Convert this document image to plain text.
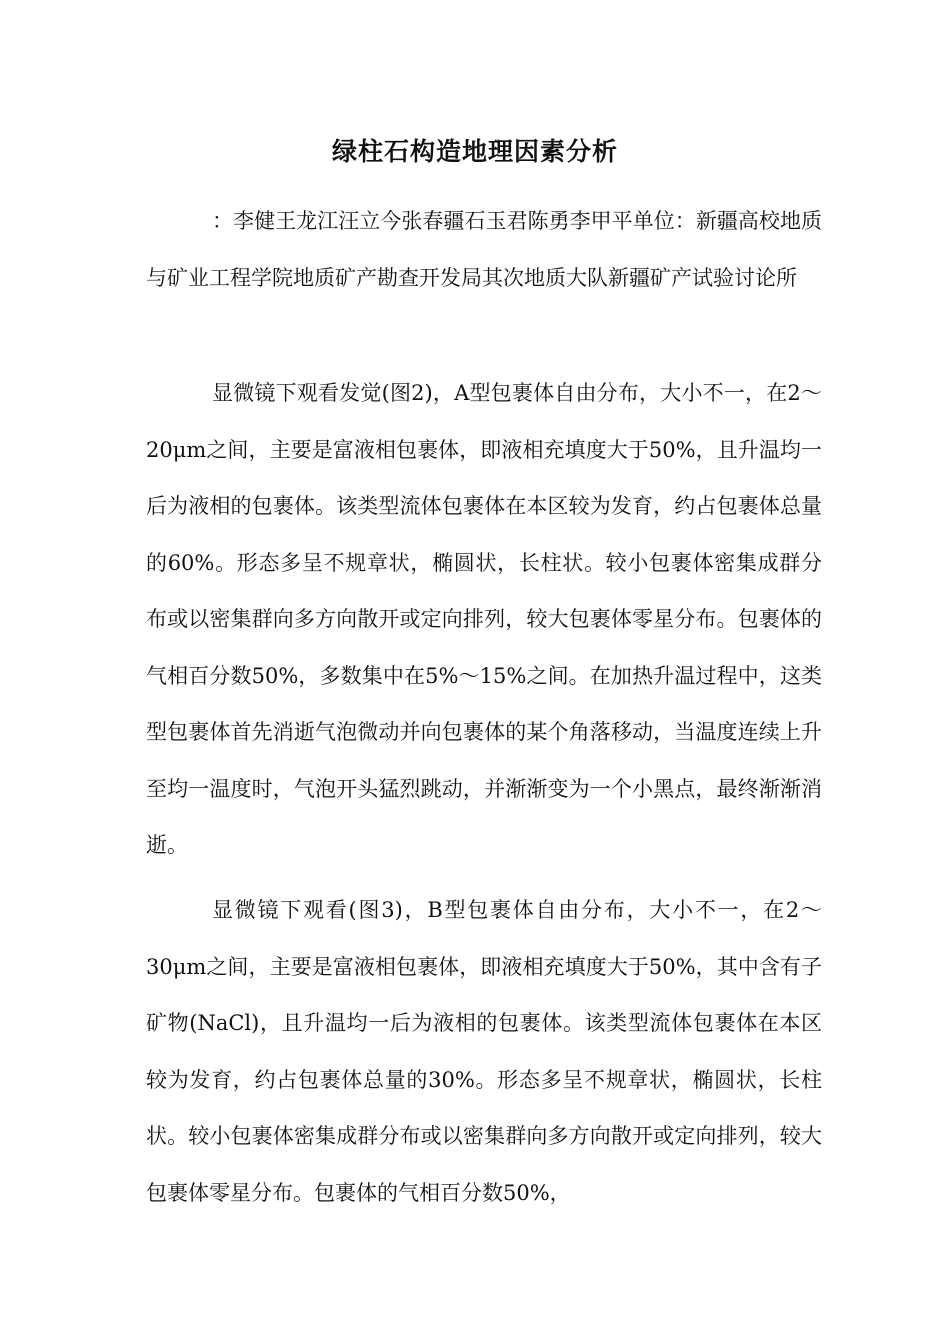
绿柱石构造地理因素分析

：李健王龙江汪立今张春疆石玉君陈勇李甲平单位：新疆高校地质与矿业工程学院地质矿产勘查开发局其次地质大队新疆矿产试验讨论所

显微镜下观看发觉(图2)，A型包裹体自由分布，大小不一，在2～20μm之间，主要是富液相包裹体，即液相充填度大于50%，且升温均一后为液相的包裹体。该类型流体包裹体在本区较为发育，约占包裹体总量的60%。形态多呈不规章状，椭圆状，长柱状。较小包裹体密集成群分布或以密集群向多方向散开或定向排列，较大包裹体零星分布。包裹体的气相百分数50%，多数集中在5%～15%之间。在加热升温过程中，这类型包裹体首先消逝气泡微动并向包裹体的某个角落移动，当温度连续上升至均一温度时，气泡开头猛烈跳动，并渐渐变为一个小黑点，最终渐渐消逝。

显微镜下观看(图3)，B型包裹体自由分布，大小不一，在2～30μm之间，主要是富液相包裹体，即液相充填度大于50%，其中含有子矿物(NaCl)，且升温均一后为液相的包裹体。该类型流体包裹体在本区较为发育，约占包裹体总量的30%。形态多呈不规章状，椭圆状，长柱状。较小包裹体密集成群分布或以密集群向多方向散开或定向排列，较大包裹体零星分布。包裹体的气相百分数50%，
